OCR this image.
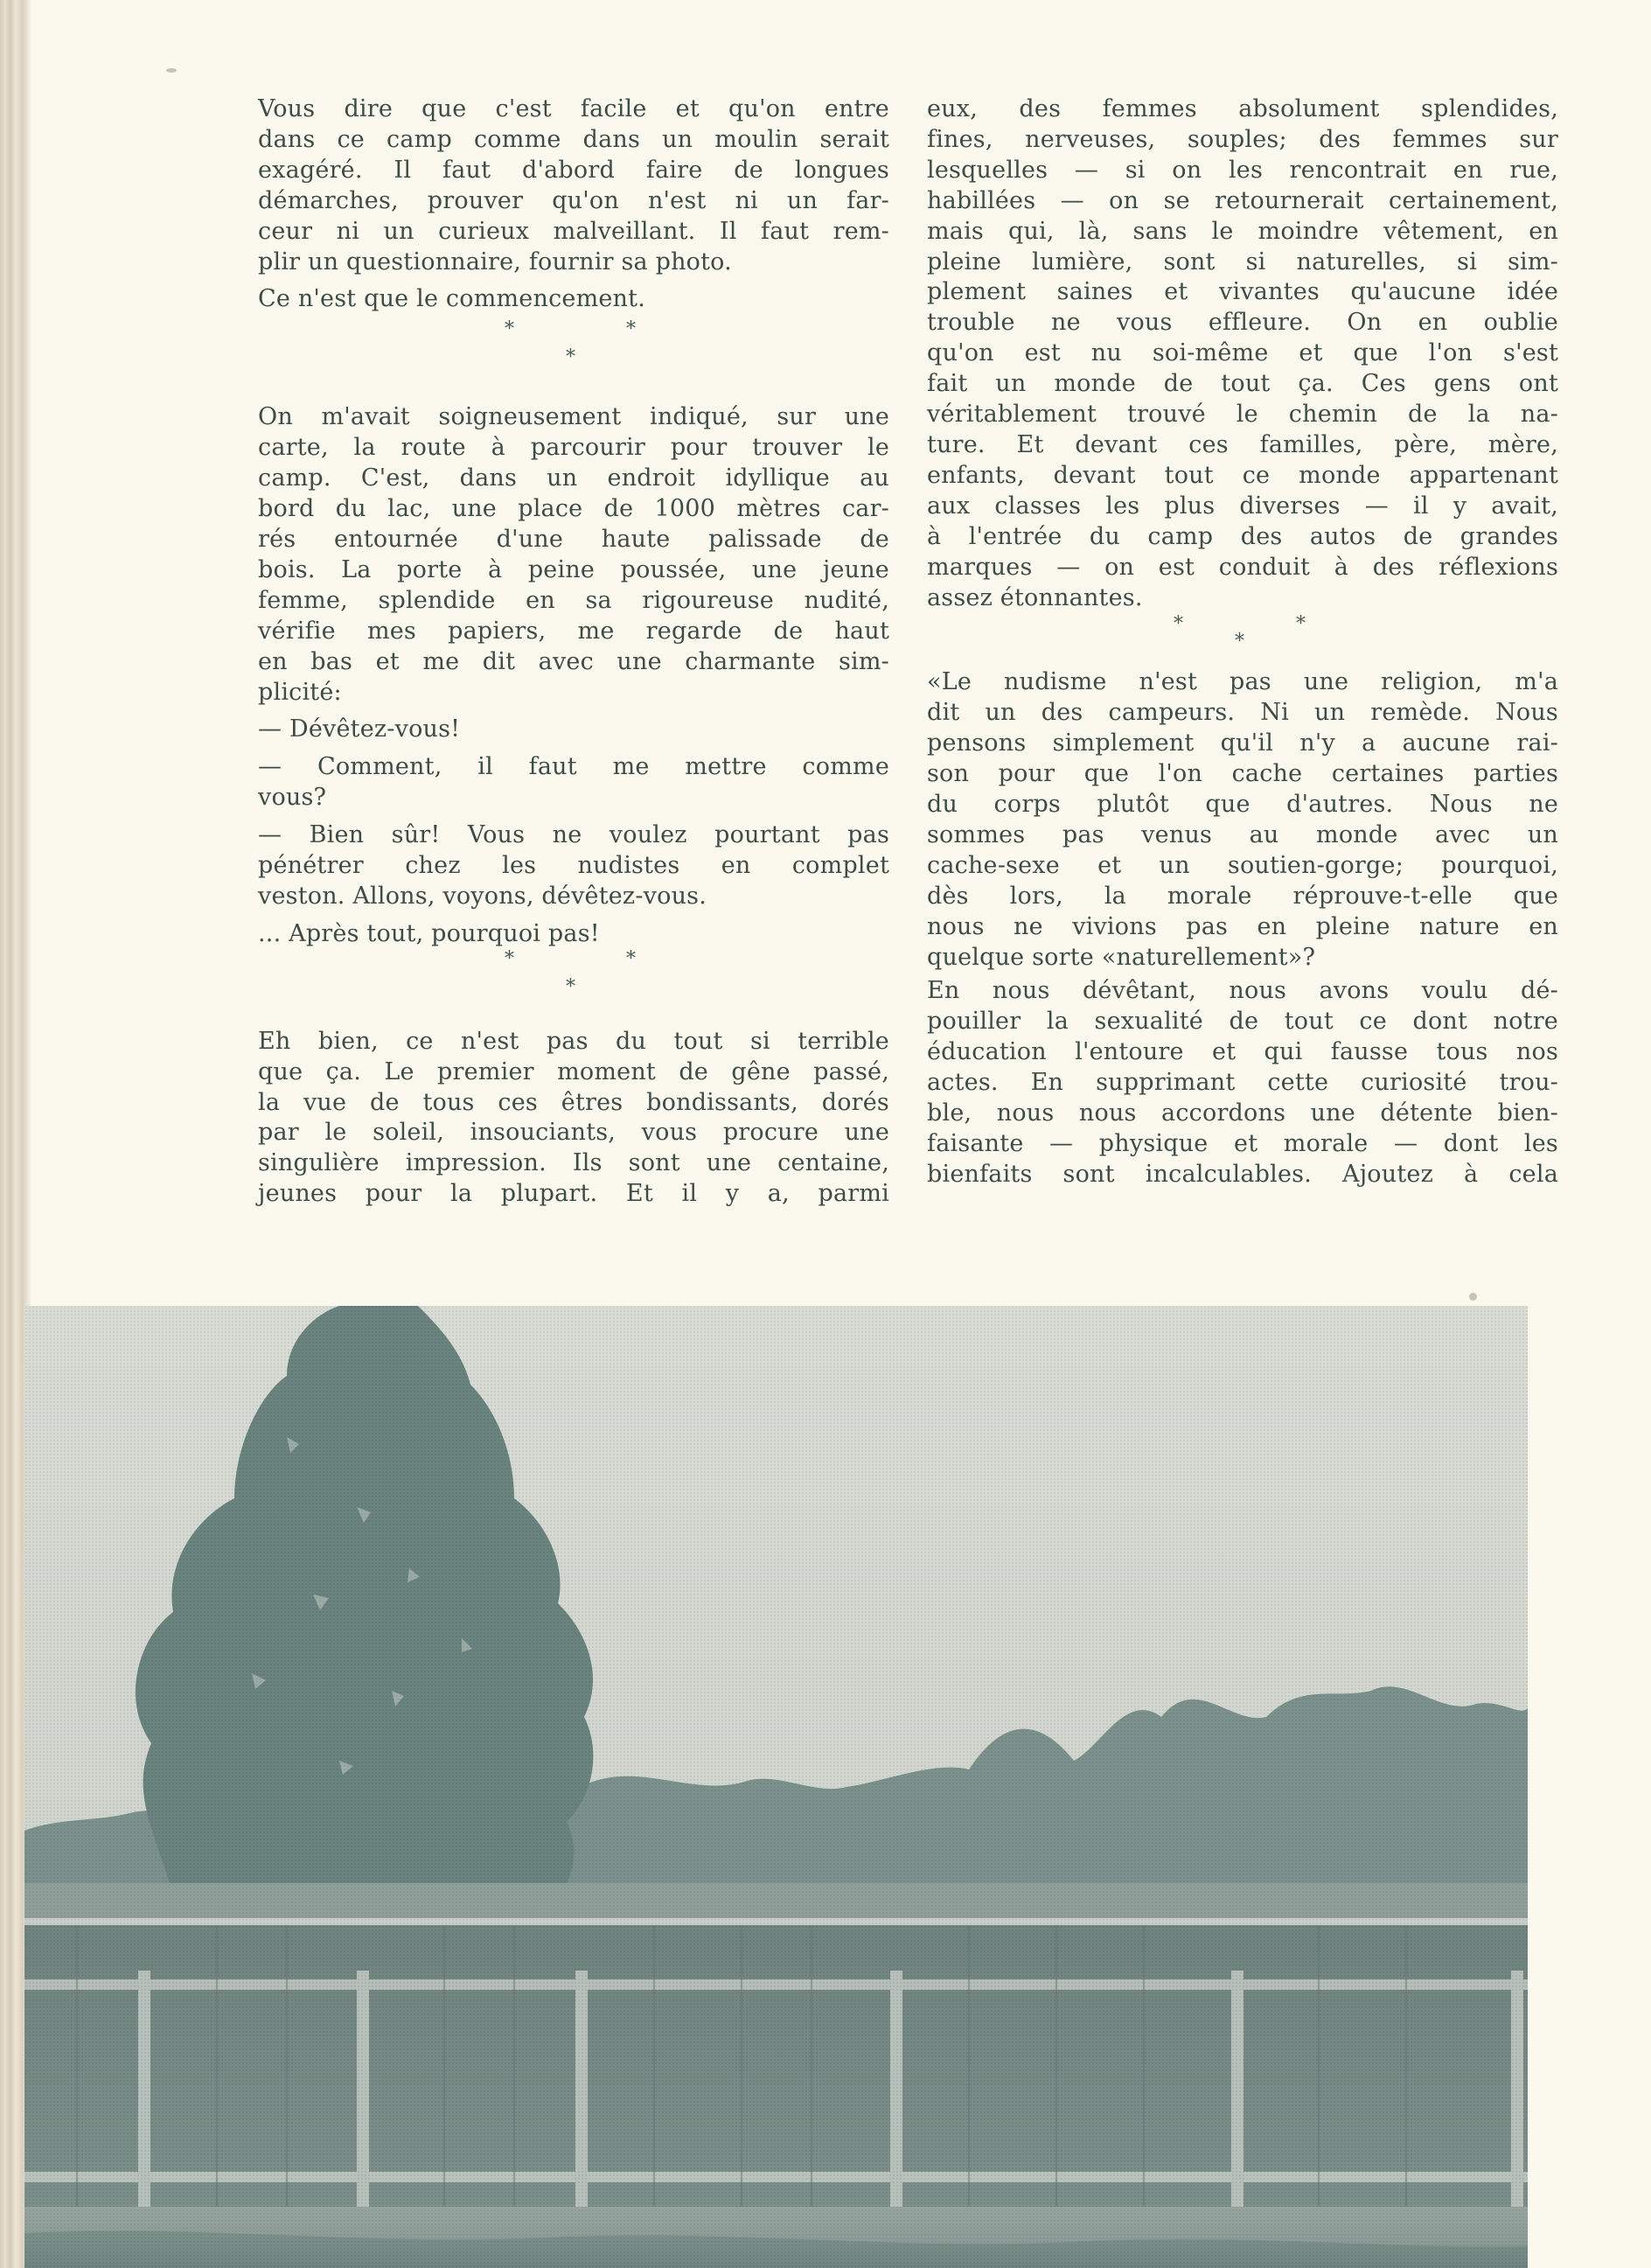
Vous dire que c'est facile et qu'on entre
dans ce camp comme dans un moulin serait
exagéré. Il faut d'abord faire de longues
démarches, prouver qu'on n'est ni un far-
ceur ni un curieux malveillant. Il faut rem-
plir un questionnaire, fournir sa photo.
Ce n'est que le commencement.
*	*
*
On m'avait soigneusement indiqué, sur une
carte, la route à parcourir pour trouver le
camp. C'est, dans un endroit idyllique au
bord du lac, une place de 1000 mètres car-
rés entournée d'une haute palissade de
bois. La porte à peine poussée, une jeune
femme, splendide en sa rigoureuse nudité,
vérifie mes papiers, me regarde de haut
en bas et me dit avec une charmante sim-
plicité:
— Dévêtez-vous!
— Comment, il faut me mettre comme
vous?
— Bien sûr! Vous ne voulez pourtant pas
pénétrer chez les nudistes en complet
veston. Allons, voyons, dévêtez-vous.
... Après tout, pourquoi pas!
*	*
*
Eh bien, ce n'est pas du tout si terrible
que ça. Le premier moment de gêne passé,
la vue de tous ces êtres bondissants, dorés
par le soleil, insouciants, vous procure une
singulière impression. Ils sont une centaine,
jeunes pour la plupart. Et il y a, parmi
eux, des femmes absolument splendides,
fines, nerveuses, souples; des femmes sur
lesquelles — si on les rencontrait en rue,
habillées — on se retournerait certainement,
mais qui, là, sans le moindre vêtement, en
pleine lumière, sont si naturelles, si sim-
plement saines et vivantes qu'aucune idée
trouble ne vous effleure. On en oublie
qu'on est nu soi-même et que l'on s'est
fait un monde de tout ça. Ces gens ont
véritablement trouvé le chemin de la na-
ture. Et devant ces familles, père, mère,
enfants, devant tout ce monde appartenant
aux classes les plus diverses — il y avait,
à l'entrée du camp des autos de grandes
marques — on est conduit à des réflexions
assez étonnantes.
*	*
*
«Le nudisme n'est pas une religion, m'a
dit un des campeurs. Ni un remède. Nous
pensons simplement qu'il n'y a aucune rai-
son pour que l'on cache certaines parties
du corps plutôt que d'autres. Nous ne
sommes pas venus au monde avec un
cache-sexe et un soutien-gorge; pourquoi,
dès lors, la morale réprouve-t-elle que
nous ne vivions pas en pleine nature en
quelque sorte «naturellement»?
En nous dévêtant, nous avons voulu dé-
pouiller la sexualité de tout ce dont notre
éducation l'entoure et qui fausse tous nos
actes. En supprimant cette curiosité trou-
ble, nous nous accordons une détente bien-
faisante — physique et morale — dont les
bienfaits sont incalculables. Ajoutez à cela
